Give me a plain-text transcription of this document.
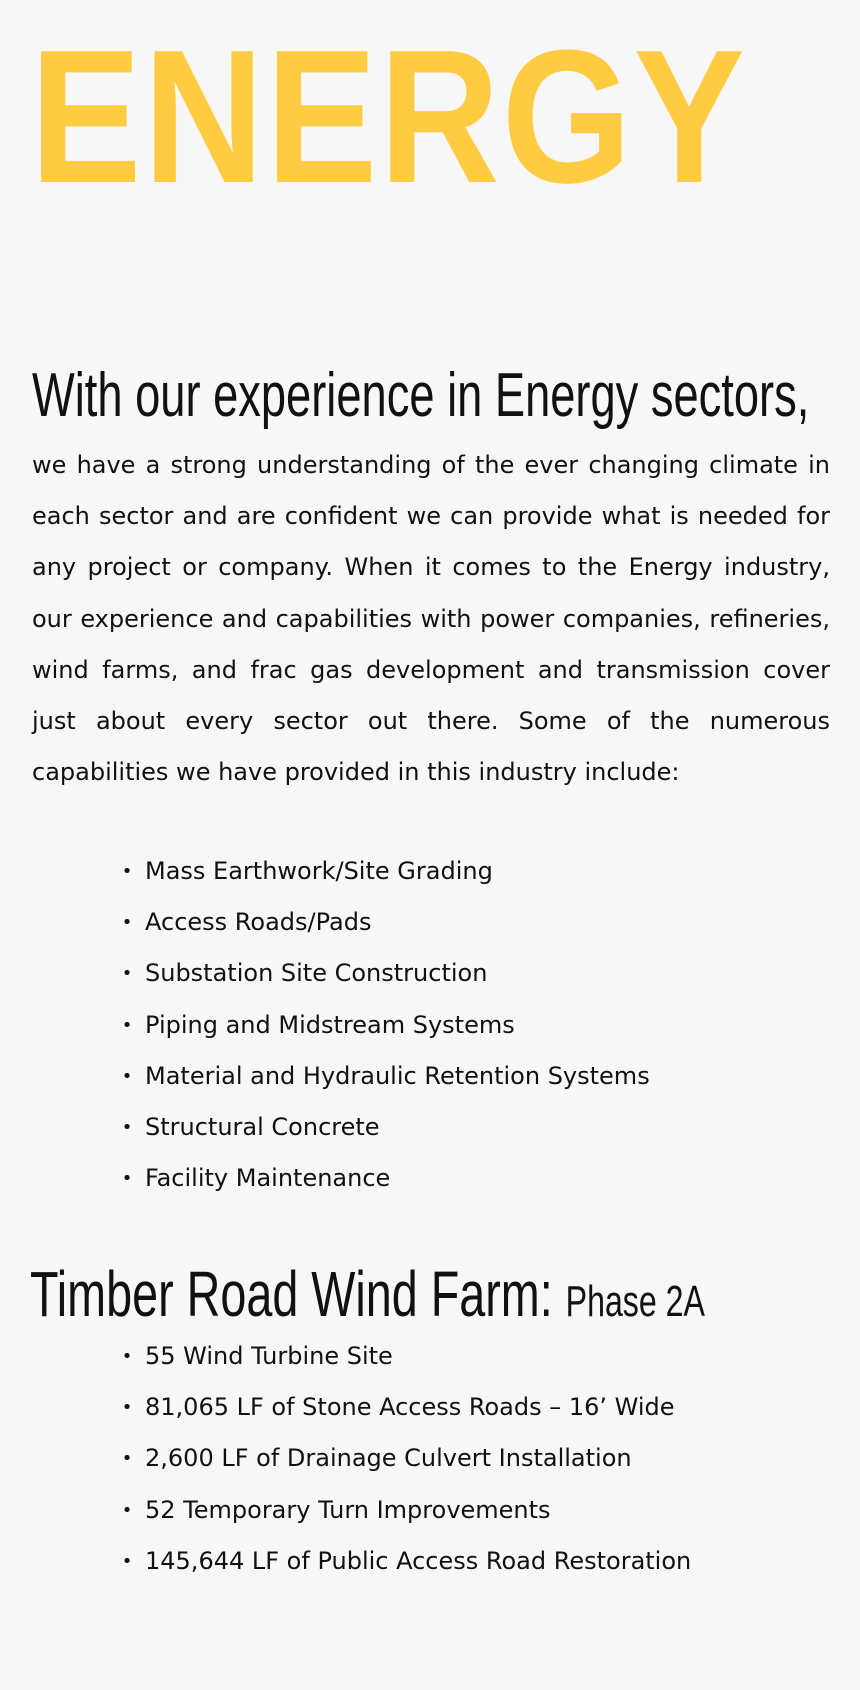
ENERGY
With our experience in Energy sectors,

we have a strong understanding of the ever changing climate in each sector and are confident we can provide what is needed for any project or company. When it comes to the Energy industry, our experience and capabilities with power companies, refineries, wind farms, and frac gas development and transmission cover just about every sector out there. Some of the numerous capabilities we have provided in this industry include:

• Mass Earthwork/Site Grading
• Access Roads/Pads
• Substation Site Construction
• Piping and Midstream Systems
• Material and Hydraulic Retention Systems
• Structural Concrete
• Facility Maintenance
Timber Road Wind Farm: Phase 2A
• 55 Wind Turbine Site
• 81,065 LF of Stone Access Roads – 16’ Wide
• 2,600 LF of Drainage Culvert Installation
• 52 Temporary Turn Improvements
• 145,644 LF of Public Access Road Restoration
